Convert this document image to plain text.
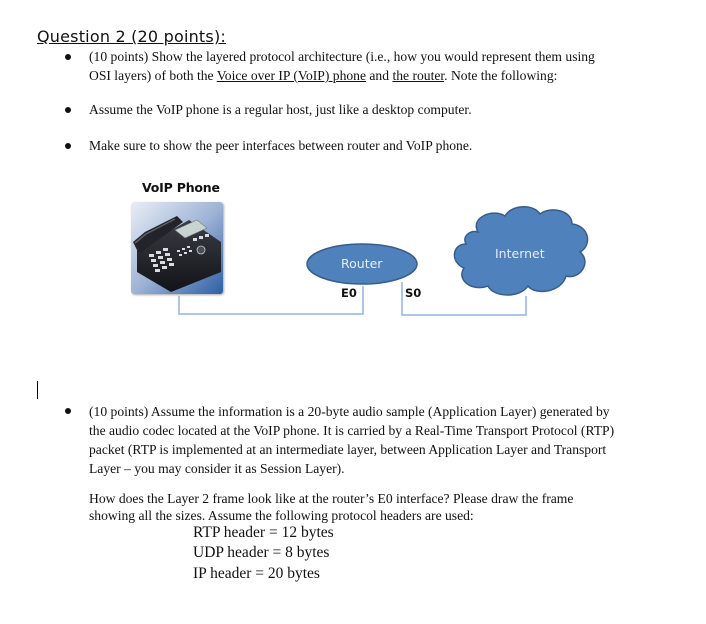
Question 2 (20 points):
(10 points) Show the layered protocol architecture (i.e., how you would represent them using
OSI layers) of both the Voice over IP (VoIP) phone and the router. Note the following:
Assume the VoIP phone is a regular host, just like a desktop computer.
Make sure to show the peer interfaces between router and VoIP phone.
VoIP Phone
Router
Internet
E0	S0
(10 points) Assume the information is a 20-byte audio sample (Application Layer) generated by
the audio codec located at the VoIP phone. It is carried by a Real-Time Transport Protocol (RTP)
packet (RTP is implemented at an intermediate layer, between Application Layer and Transport
Layer – you may consider it as Session Layer).
How does the Layer 2 frame look like at the router’s E0 interface? Please draw the frame
showing all the sizes. Assume the following protocol headers are used:
RTP header = 12 bytes
UDP header = 8 bytes
IP header = 20 bytes
